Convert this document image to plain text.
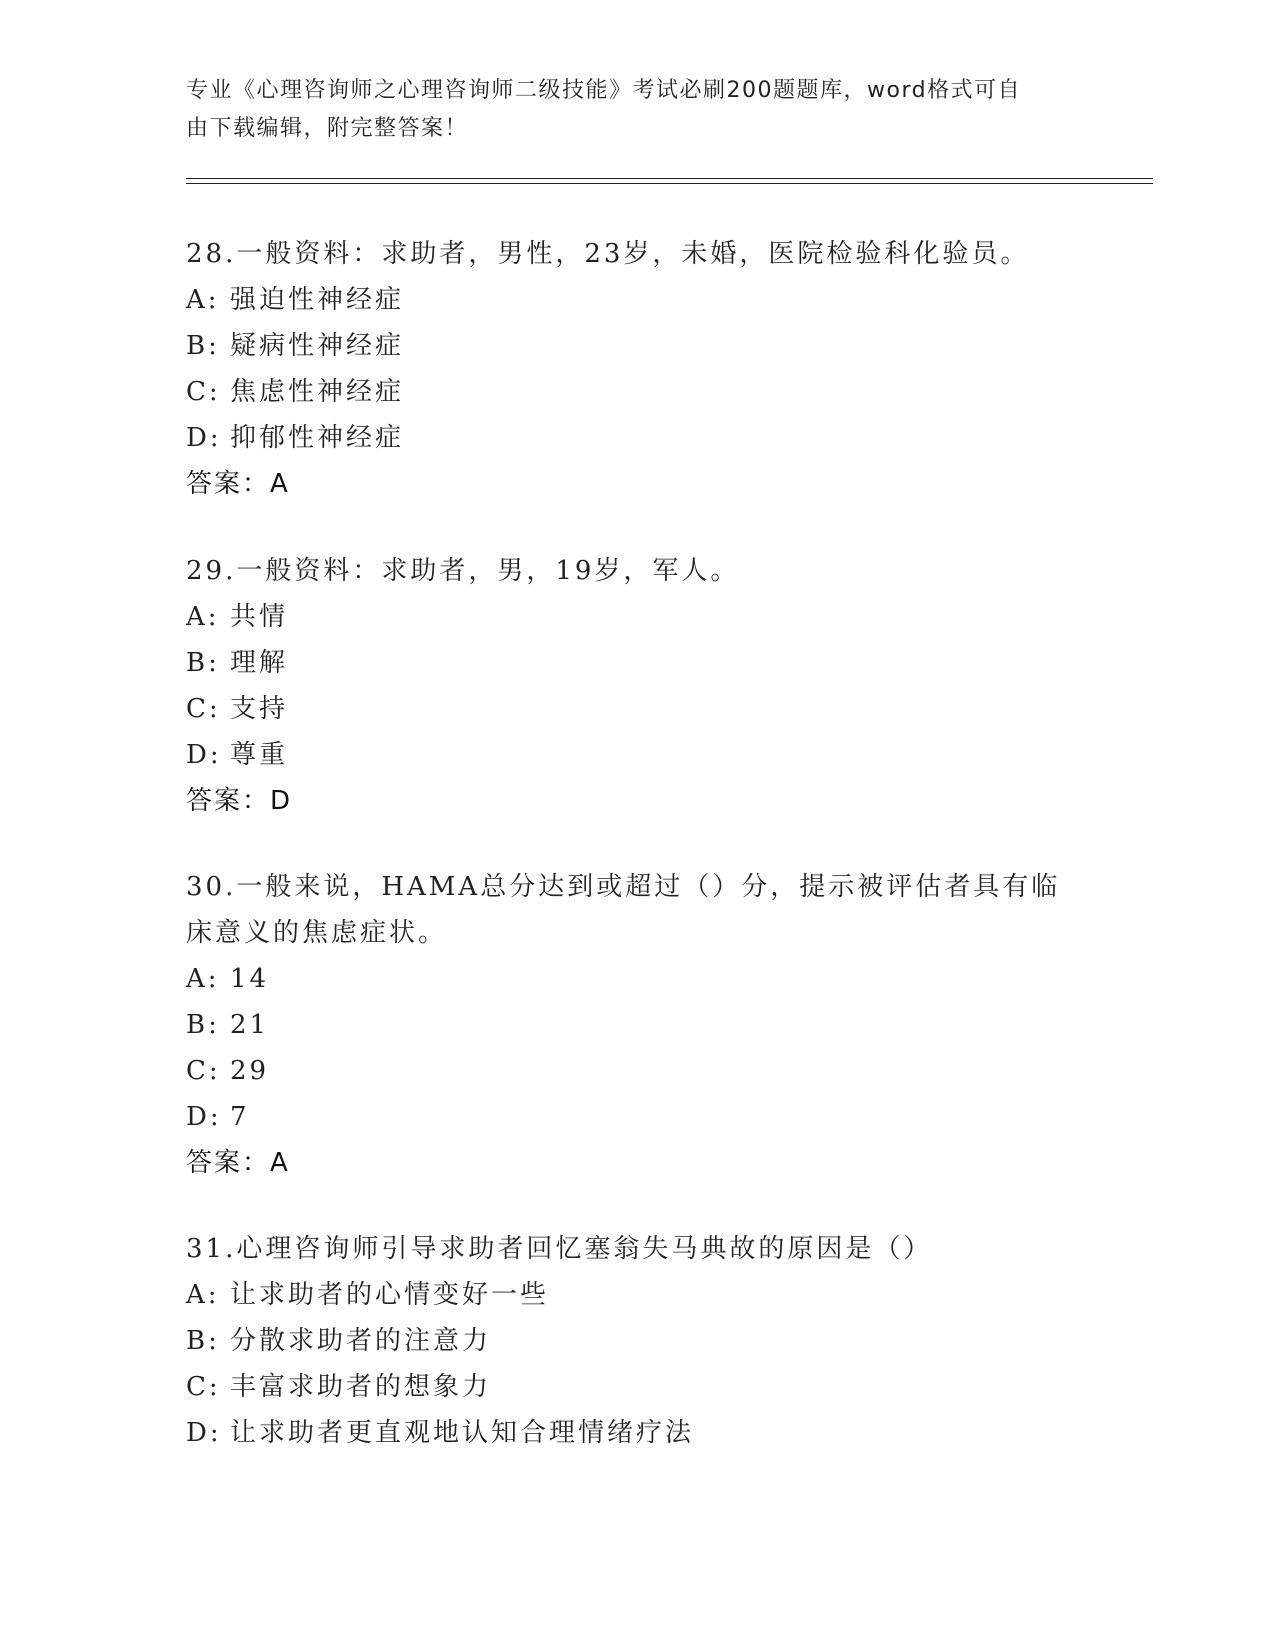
专业《心理咨询师之心理咨询师二级技能》考试必刷200题题库，word格式可自
由下载编辑，附完整答案！
28.一般资料：求助者，男性，23岁，未婚，医院检验科化验员。
A: 强迫性神经症
B: 疑病性神经症
C: 焦虑性神经症
D: 抑郁性神经症
答案：A
29.一般资料：求助者，男，19岁，军人。
A: 共情
B: 理解
C: 支持
D: 尊重
答案：D
30.一般来说，HAMA总分达到或超过（）分，提示被评估者具有临床意义的焦虑症状。
A: 14
B: 21
C: 29
D: 7
答案：A
31.心理咨询师引导求助者回忆塞翁失马典故的原因是（）
A: 让求助者的心情变好一些
B: 分散求助者的注意力
C: 丰富求助者的想象力
D: 让求助者更直观地认知合理情绪疗法
